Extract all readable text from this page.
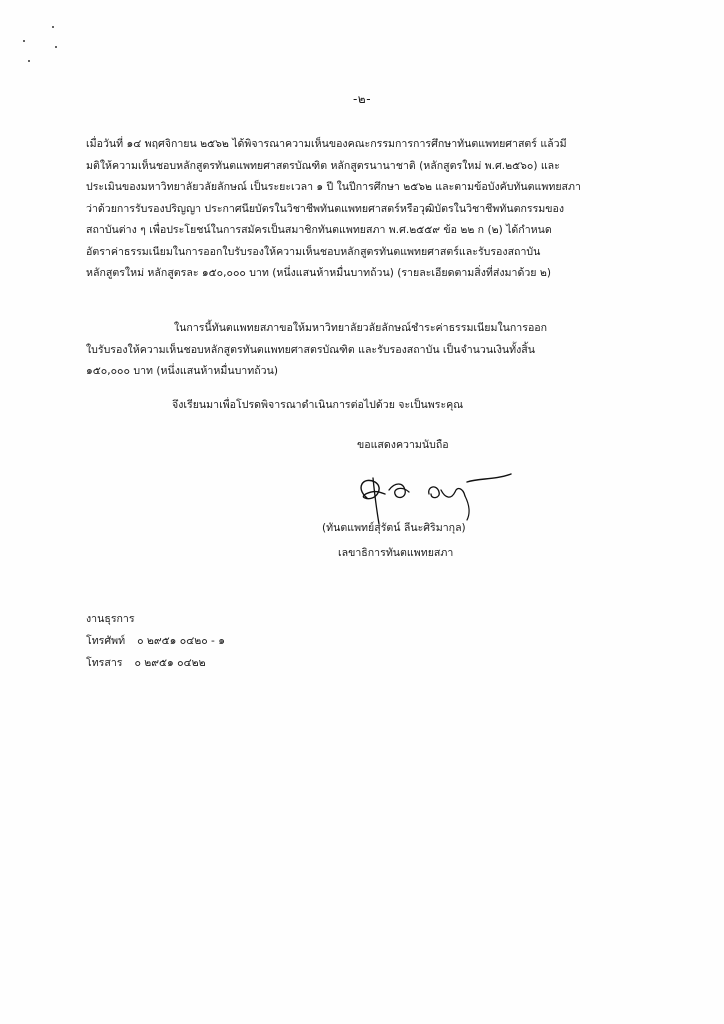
-๒-
เมื่อวันที่ ๑๔ พฤศจิกายน ๒๕๖๒ ได้พิจารณาความเห็นของคณะกรรมการการศึกษาทันตแพทยศาสตร์ แล้วมี
มติให้ความเห็นชอบหลักสูตรทันตแพทยศาสตรบัณฑิต หลักสูตรนานาชาติ (หลักสูตรใหม่ พ.ศ.๒๕๖๐) และ
ประเมินของมหาวิทยาลัยวลัยลักษณ์ เป็นระยะเวลา ๑ ปี ในปีการศึกษา ๒๕๖๒ และตามข้อบังคับทันตแพทยสภา
ว่าด้วยการรับรองปริญญา ประกาศนียบัตรในวิชาชีพทันตแพทยศาสตร์หรือวุฒิบัตรในวิชาชีพทันตกรรมของ
สถาบันต่าง ๆ เพื่อประโยชน์ในการสมัครเป็นสมาชิกทันตแพทยสภา พ.ศ.๒๕๕๙ ข้อ ๒๒ ก (๒) ได้กำหนด
อัตราค่าธรรมเนียมในการออกใบรับรองให้ความเห็นชอบหลักสูตรทันตแพทยศาสตร์และรับรองสถาบัน
หลักสูตรใหม่ หลักสูตรละ ๑๕๐,๐๐๐ บาท (หนึ่งแสนห้าหมื่นบาทถ้วน) (รายละเอียดตามสิ่งที่ส่งมาด้วย ๒)
ในการนี้ทันตแพทยสภาขอให้มหาวิทยาลัยวลัยลักษณ์ชำระค่าธรรมเนียมในการออก
ใบรับรองให้ความเห็นชอบหลักสูตรทันตแพทยศาสตรบัณฑิต และรับรองสถาบัน เป็นจำนวนเงินทั้งสิ้น
๑๕๐,๐๐๐ บาท (หนึ่งแสนห้าหมื่นบาทถ้วน)
จึงเรียนมาเพื่อโปรดพิจารณาดำเนินการต่อไปด้วย จะเป็นพระคุณ
ขอแสดงความนับถือ
(ทันตแพทย์สุรัตน์ ลีนะศิริมากุล)
เลขาธิการทันตแพทยสภา
งานธุรการ
โทรศัพท์ ๐ ๒๙๕๑ ๐๔๒๐ - ๑
โทรสาร ๐ ๒๙๕๑ ๐๔๒๒
